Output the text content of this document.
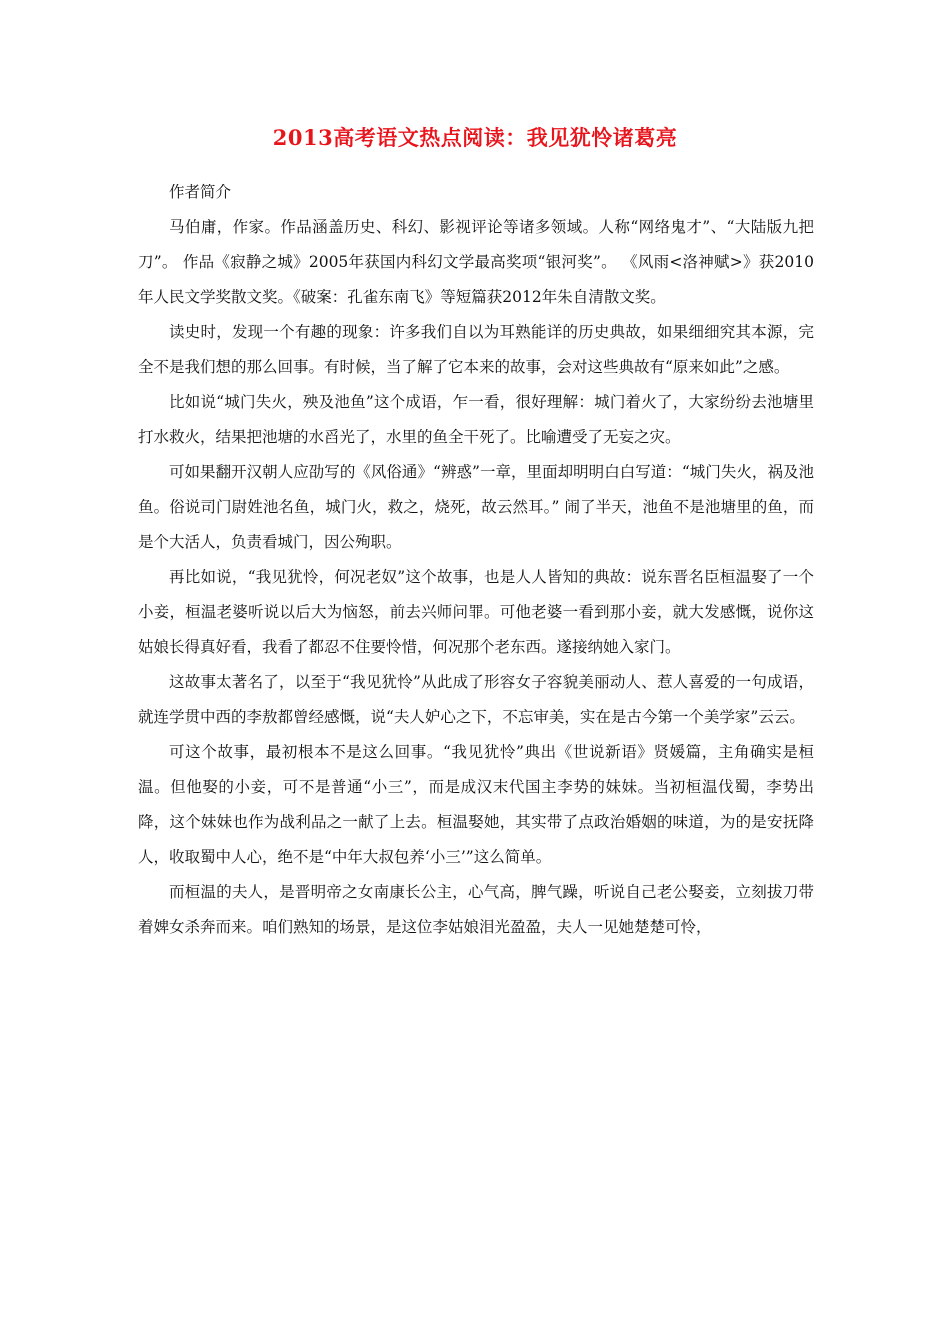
2013高考语文热点阅读：我见犹怜诸葛亮

作者简介

马伯庸，作家。作品涵盖历史、科幻、影视评论等诸多领域。人称“网络鬼才”、“大陆版九把刀”。 作品《寂静之城》2005年获国内科幻文学最高奖项“银河奖”。 《风雨<洛神赋>》获2010年人民文学奖散文奖。《破案：孔雀东南飞》等短篇获2012年朱自清散文奖。

读史时，发现一个有趣的现象：许多我们自以为耳熟能详的历史典故，如果细细究其本源，完全不是我们想的那么回事。有时候，当了解了它本来的故事，会对这些典故有“原来如此”之感。

比如说“城门失火，殃及池鱼”这个成语，乍一看，很好理解：城门着火了，大家纷纷去池塘里打水救火，结果把池塘的水舀光了，水里的鱼全干死了。比喻遭受了无妄之灾。

可如果翻开汉朝人应劭写的《风俗通》“辨惑”一章，里面却明明白白写道：“城门失火，祸及池鱼。俗说司门尉姓池名鱼，城门火，救之，烧死，故云然耳。” 闹了半天，池鱼不是池塘里的鱼，而是个大活人，负责看城门，因公殉职。

再比如说，“我见犹怜，何况老奴”这个故事，也是人人皆知的典故：说东晋名臣桓温娶了一个小妾，桓温老婆听说以后大为恼怒，前去兴师问罪。可他老婆一看到那小妾，就大发感慨，说你这姑娘长得真好看，我看了都忍不住要怜惜，何况那个老东西。遂接纳她入家门。

这故事太著名了，以至于“我见犹怜”从此成了形容女子容貌美丽动人、惹人喜爱的一句成语，就连学贯中西的李敖都曾经感慨，说“夫人妒心之下，不忘审美，实在是古今第一个美学家”云云。

可这个故事，最初根本不是这么回事。“我见犹怜”典出《世说新语》贤媛篇，主角确实是桓温。但他娶的小妾，可不是普通“小三”，而是成汉末代国主李势的妹妹。当初桓温伐蜀，李势出降，这个妹妹也作为战利品之一献了上去。桓温娶她，其实带了点政治婚姻的味道，为的是安抚降人，收取蜀中人心，绝不是“中年大叔包养‘小三’”这么简单。

而桓温的夫人，是晋明帝之女南康长公主，心气高，脾气躁，听说自己老公娶妾，立刻拔刀带着婢女杀奔而来。咱们熟知的场景，是这位李姑娘泪光盈盈，夫人一见她楚楚可怜，
